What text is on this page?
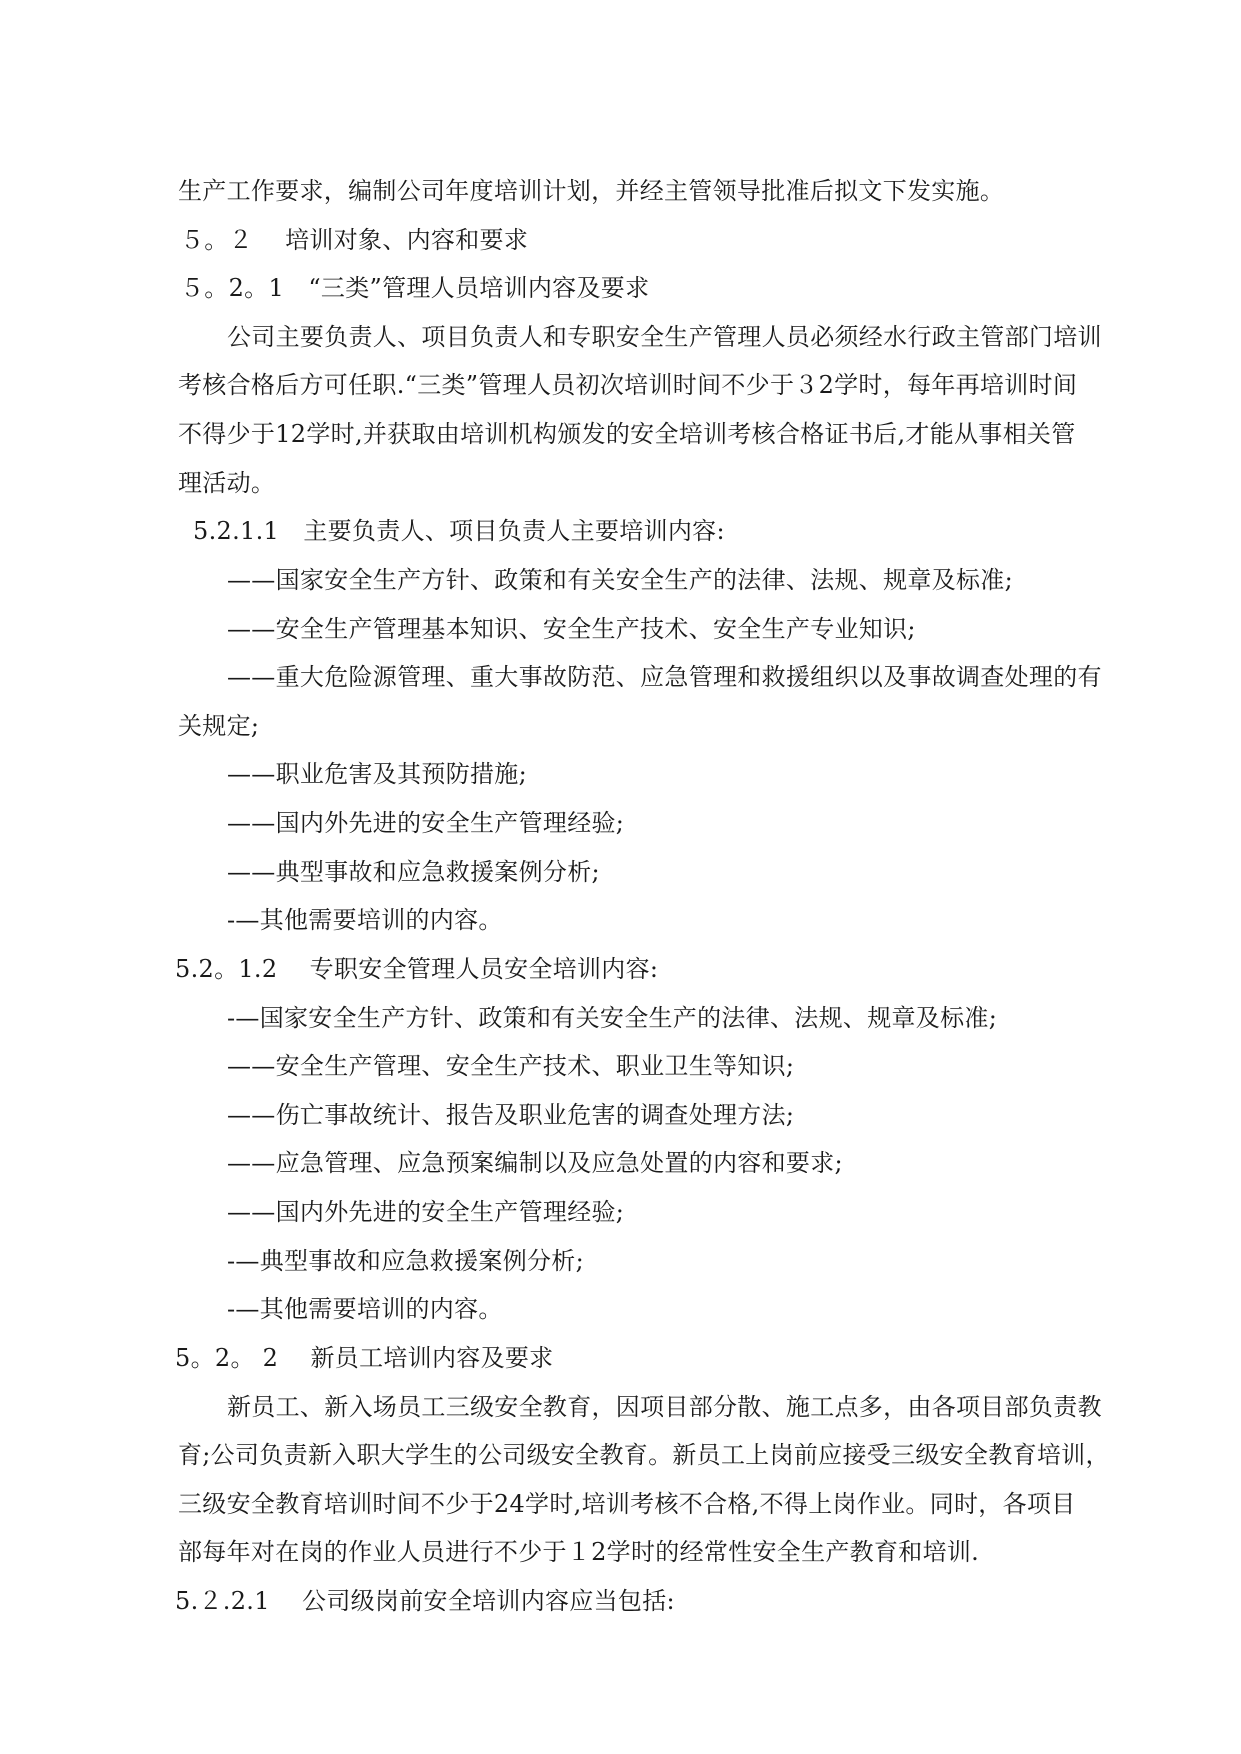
生产工作要求，编制公司年度培训计划，并经主管领导批准后拟文下发实施。
５。２　 培训对象、内容和要求
５。2。1　“三类”管理人员培训内容及要求
公司主要负责人、项目负责人和专职安全生产管理人员必须经水行政主管部门培训
考核合格后方可任职.“三类”管理人员初次培训时间不少于３2学时，每年再培训时间
不得少于12学时,并获取由培训机构颁发的安全培训考核合格证书后,才能从事相关管
理活动。
5.2.1.1　主要负责人、项目负责人主要培训内容:
——国家安全生产方针、政策和有关安全生产的法律、法规、规章及标准;
——安全生产管理基本知识、安全生产技术、安全生产专业知识;
——重大危险源管理、重大事故防范、应急管理和救援组织以及事故调查处理的有
关规定;
——职业危害及其预防措施;
——国内外先进的安全生产管理经验;
——典型事故和应急救援案例分析;
-—其他需要培训的内容。
5.2。1.2　 专职安全管理人员安全培训内容:
-—国家安全生产方针、政策和有关安全生产的法律、法规、规章及标准;
——安全生产管理、安全生产技术、职业卫生等知识;
——伤亡事故统计、报告及职业危害的调查处理方法;
——应急管理、应急预案编制以及应急处置的内容和要求;
——国内外先进的安全生产管理经验;
-—典型事故和应急救援案例分析;
-—其他需要培训的内容。
5。2。 2　 新员工培训内容及要求
新员工、新入场员工三级安全教育，因项目部分散、施工点多，由各项目部负责教
育;公司负责新入职大学生的公司级安全教育。新员工上岗前应接受三级安全教育培训，
三级安全教育培训时间不少于24学时,培训考核不合格,不得上岗作业。同时，各项目
部每年对在岗的作业人员进行不少于１2学时的经常性安全生产教育和培训.
5.２.2.1　 公司级岗前安全培训内容应当包括:
